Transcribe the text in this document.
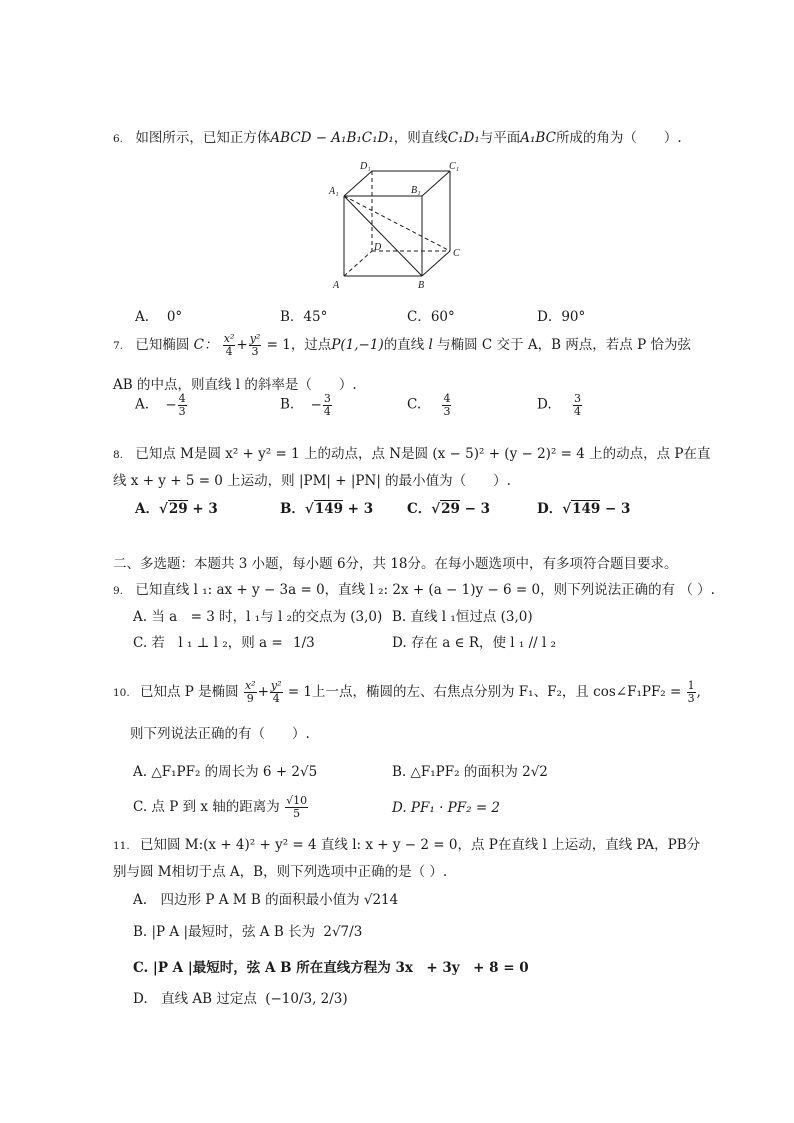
6. 如图所示，已知正方体ABCD − A₁B₁C₁D₁，则直线C₁D₁与平面A₁BC所成的角为（　　）.
D₁	C₁
A₁	B₁
D
C
A	B
A.　 0°	B．45°	C．60°	D．90°
7. 已知椭圆 C： $\frac{\text{x²}}{4} + \frac{\text{y²}}{3} = 1$，过点P(1,−1)的直线 l 与椭圆 C 交于 A，B 两点，若点 P 恰为弦
AB 的中点，则直线 l 的斜率是（　　）.
A. − $\frac{4}{3}$	B. − $\frac{3}{4}$	C. $\frac{4}{3}$	D. $\frac{3}{4}$
8. 已知点 M是圆 x² + y² = 1 上的动点，点 N是圆 (x − 5)² + (y − 2)² = 4 上的动点，点 P在直
线 x + y + 5 = 0 上运动，则 |PM| + |PN| 的最小值为（　　）.
A．√29 + 3	B．√149 + 3	C．√29 − 3	D．√149 − 3
二、多选题：本题共 3 小题，每小题 6分，共 18分。在每小题选项中，有多项符合题目要求。
9. 已知直线 l ₁: ax + y − 3a = 0，直线 l ₂: 2x + (a − 1)y − 6 = 0，则下列说法正确的有 （ ）.
A. 当 a　= 3 时，l ₁与 l ₂的交点为 (3,0) B. 直线 l ₁恒过点 (3,0)
C. 若　l ₁ ⊥ l ₂，则 a = 1/3	D. 存在 a ∈ R，使 l ₁ // l ₂
10. 已知点 P 是椭圆 $\frac{\text{x²}}{9} + \frac{\text{y²}}{4} = 1$上一点，椭圆的左、右焦点分别为 F₁、F₂，且 cos∠F₁PF₂ = $\frac{1}{3}$ ,
则下列说法正确的有（　　）.
A. △F₁PF₂ 的周长为 6 + 2√5	B. △F₁PF₂ 的面积为 2√2
C. 点 P 到 x 轴的距离为 $\frac{√10}{5}$	D. PF₁ · PF₂ = 2
11. 已知圆 M:(x + 4)² + y² = 4 直线 l: x + y − 2 = 0，点 P在直线 l 上运动，直线 PA，PB分
别与圆 M相切于点 A，B，则下列选项中正确的是（ ）.
A.　四边形 P A M B 的面积最小值为 √214
B. |P A |最短时，弦 A B 长为 2√7/3
C. |P A |最短时，弦 A B 所在直线方程为 3x　+ 3y　+ 8 = 0
D.　直线 AB 过定点 (−10/3, 2/3)
